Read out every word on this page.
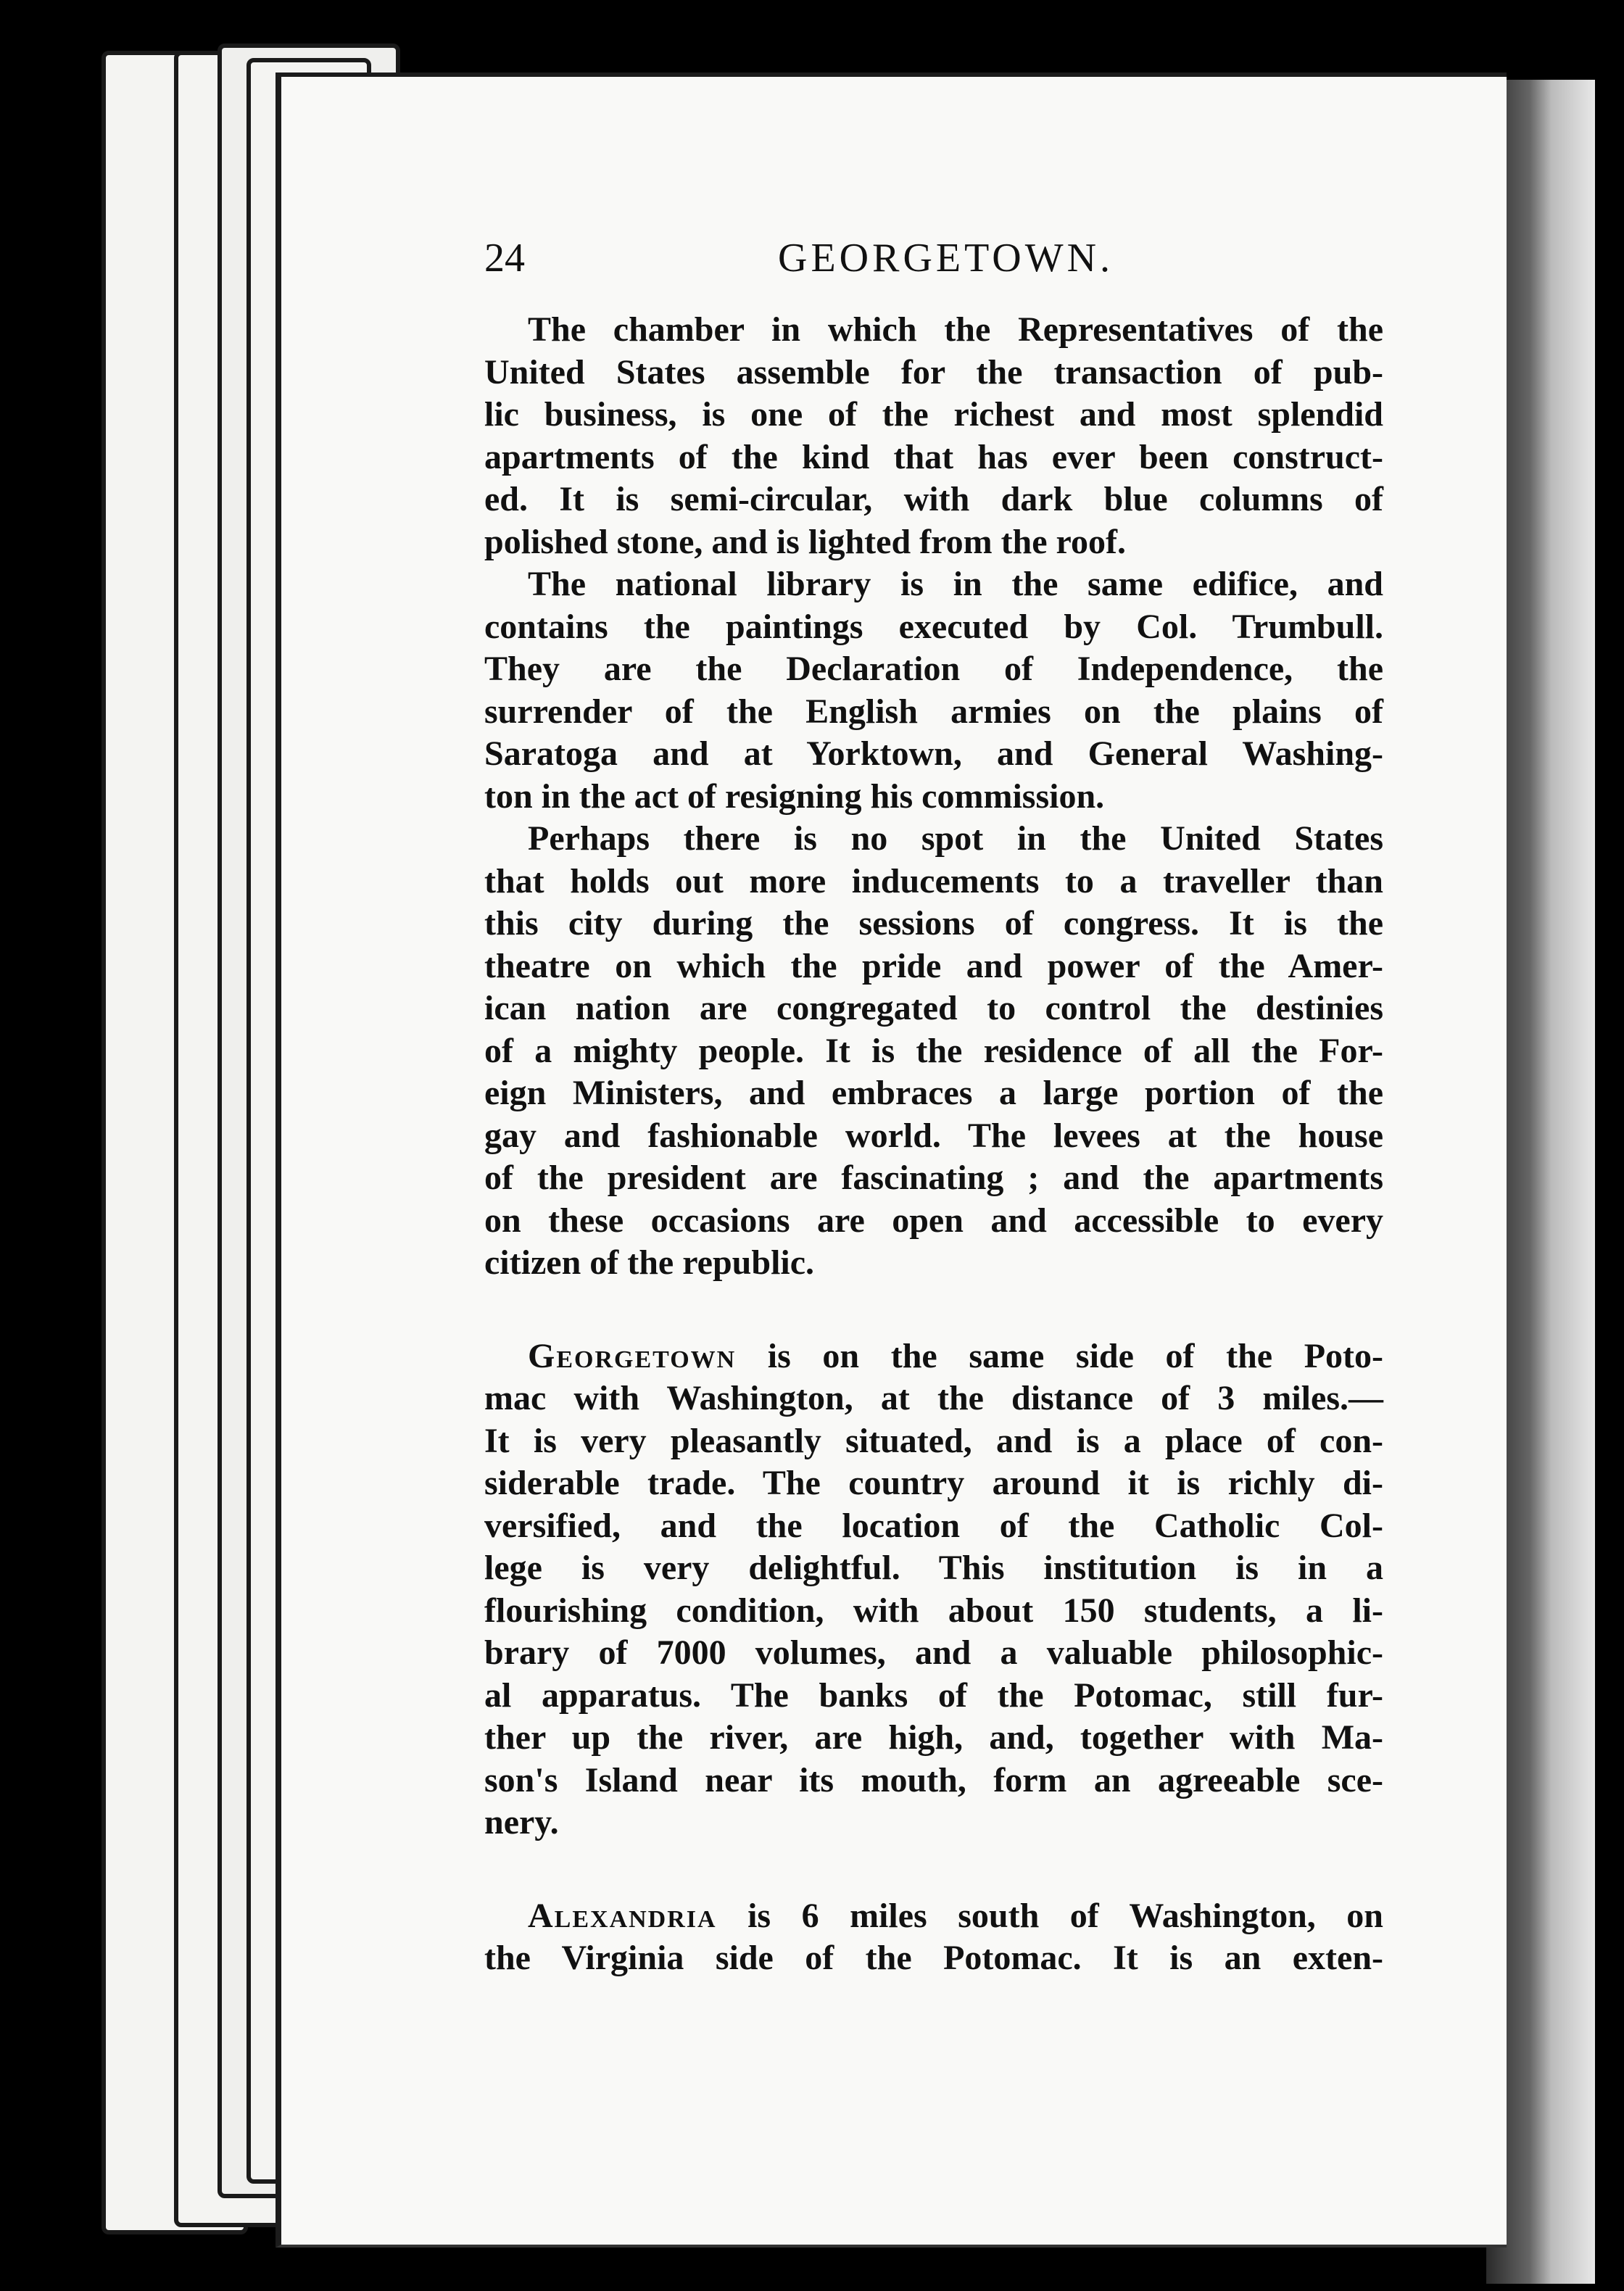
24	GEORGETOWN.
The chamber in which the Representatives of the
United States assemble for the transaction of pub-
lic business, is one of the richest and most splendid
apartments of the kind that has ever been construct-
ed. It is semi-circular, with dark blue columns of
polished stone, and is lighted from the roof.
The national library is in the same edifice, and
contains the paintings executed by Col. Trumbull.
They are the Declaration of Independence, the
surrender of the English armies on the plains of
Saratoga and at Yorktown, and General Washing-
ton in the act of resigning his commission.
Perhaps there is no spot in the United States
that holds out more inducements to a traveller than
this city during the sessions of congress. It is the
theatre on which the pride and power of the Amer-
ican nation are congregated to control the destinies
of a mighty people. It is the residence of all the For-
eign Ministers, and embraces a large portion of the
gay and fashionable world. The levees at the house
of the president are fascinating ; and the apartments
on these occasions are open and accessible to every
citizen of the republic.
Georgetown is on the same side of the Poto-
mac with Washington, at the distance of 3 miles.—
It is very pleasantly situated, and is a place of con-
siderable trade. The country around it is richly di-
versified, and the location of the Catholic Col-
lege is very delightful. This institution is in a
flourishing condition, with about 150 students, a li-
brary of 7000 volumes, and a valuable philosophic-
al apparatus. The banks of the Potomac, still fur-
ther up the river, are high, and, together with Ma-
son's Island near its mouth, form an agreeable sce-
nery.
Alexandria is 6 miles south of Washington, on
the Virginia side of the Potomac. It is an exten-
